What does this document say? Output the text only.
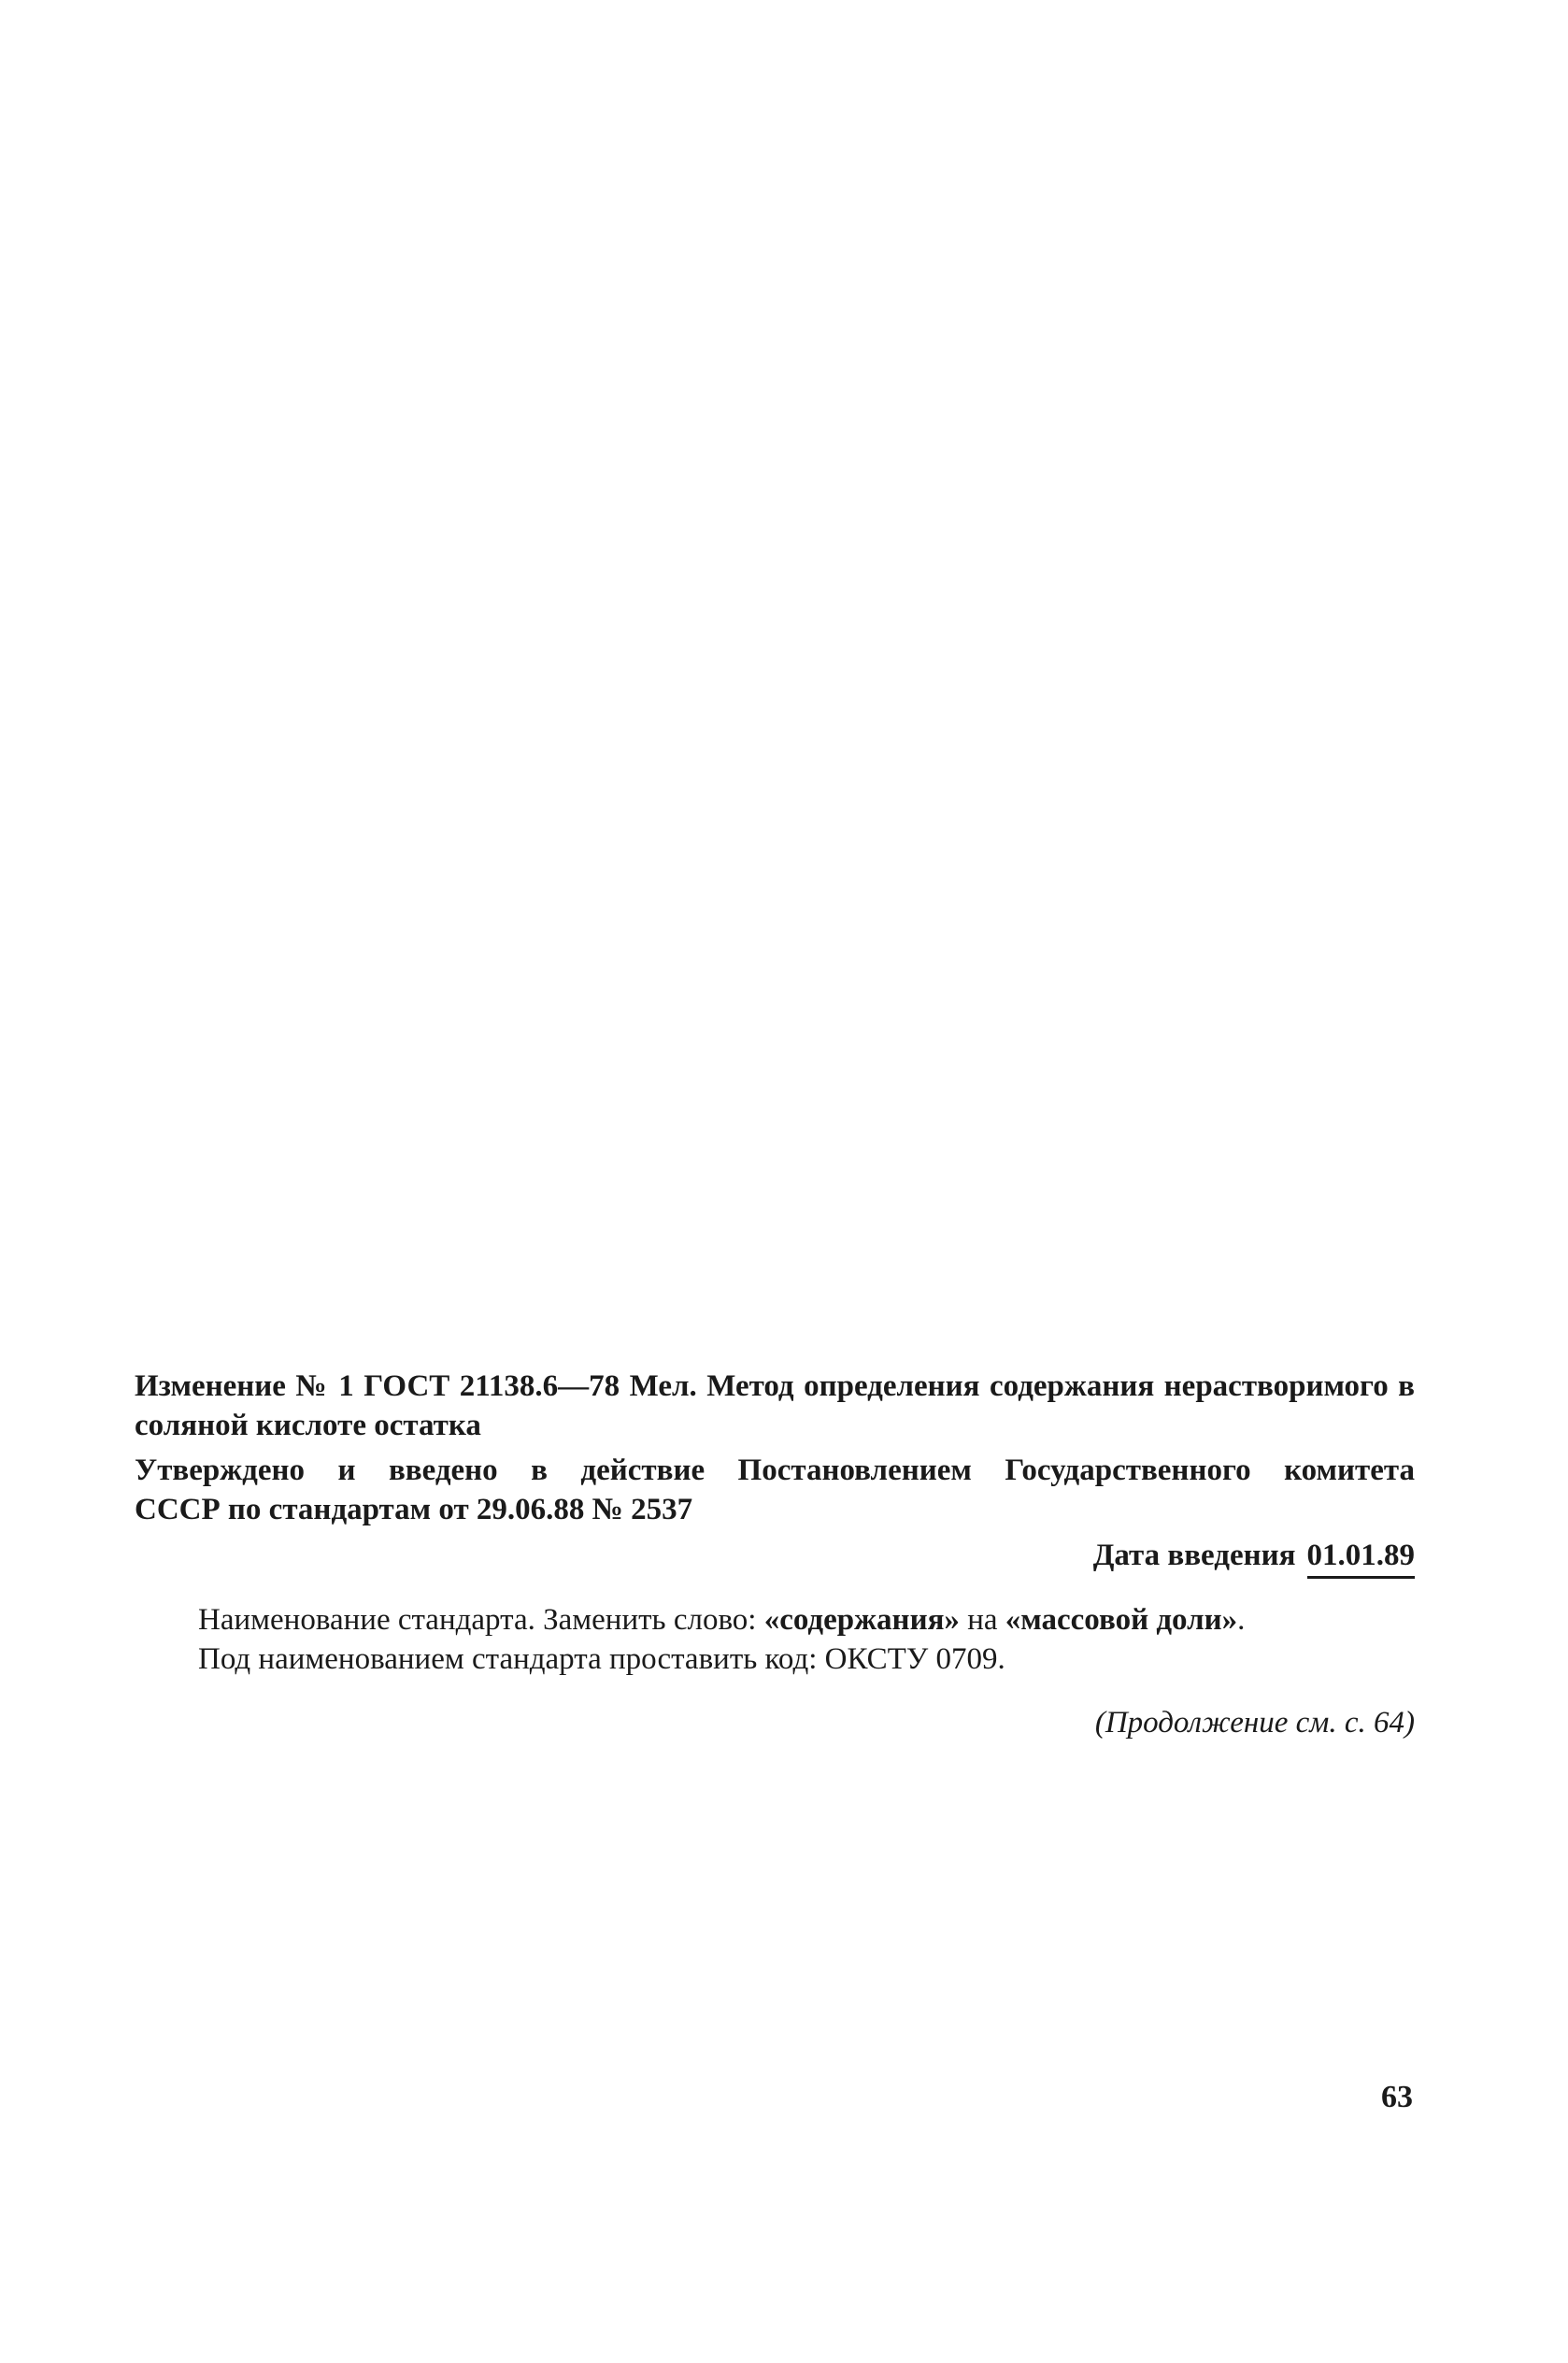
Изменение № 1 ГОСТ 21138.6—78 Мел. Метод определения содержания нерастворимого в соляной кислоте остатка
Утверждено и введено в действие Постановлением Государственного комитета
СССР по стандартам от 29.06.88 № 2537
Дата введения 01.01.89

Наименование стандарта. Заменить слово: «содержания» на «массовой доли».

Под наименованием стандарта проставить код: ОКСТУ 0709.

(Продолжение см. с. 64)
63
